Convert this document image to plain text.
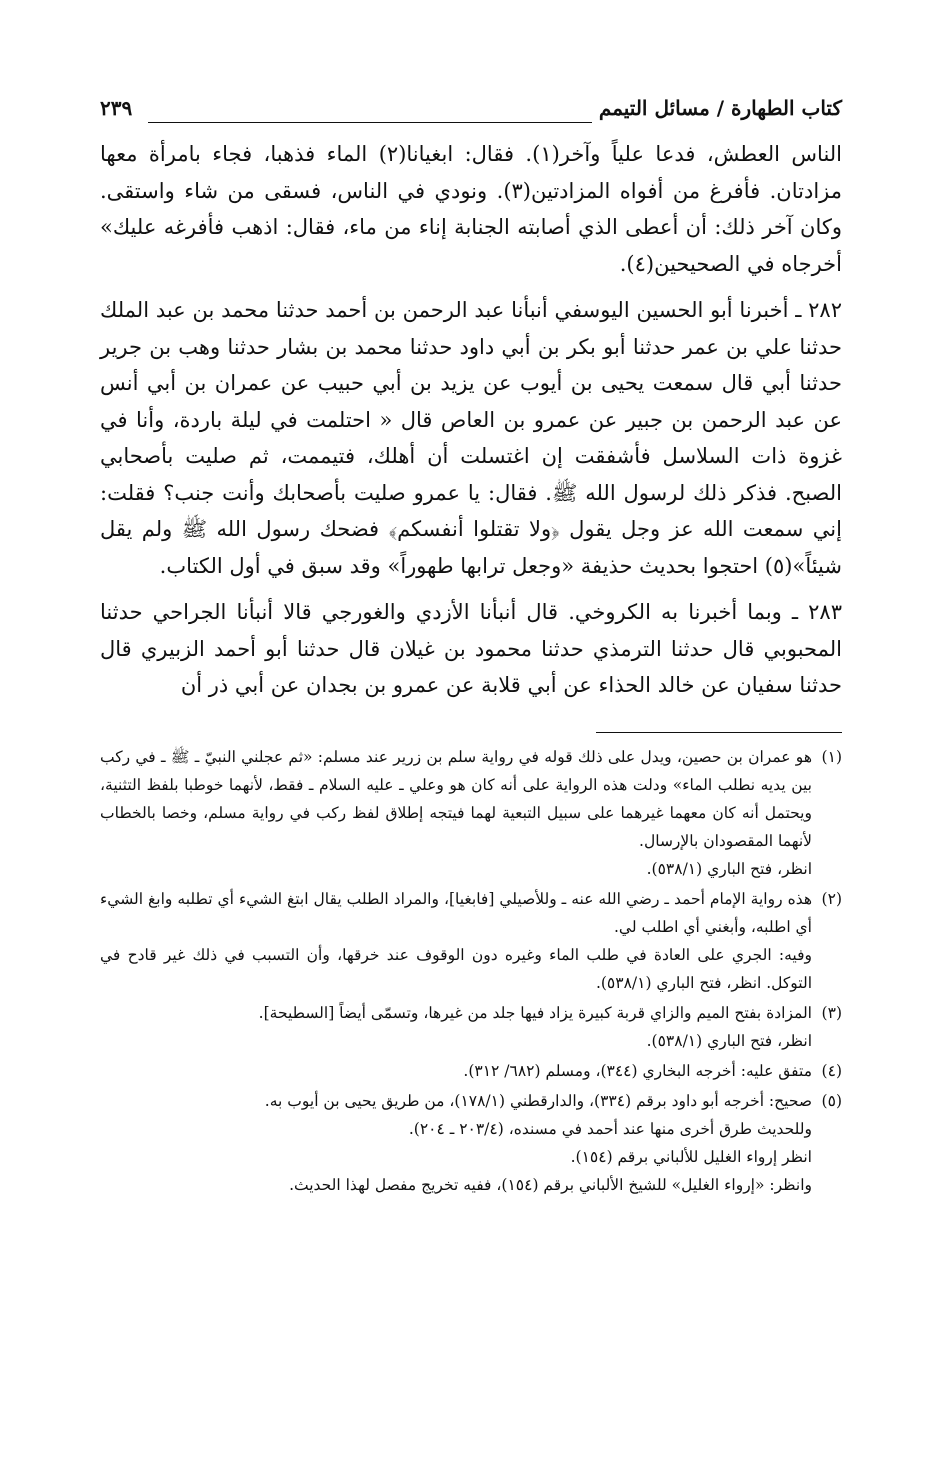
كتاب الطهارة / مسائل التيمم
٢٣٩

الناس العطش، فدعا علياً وآخر(١). فقال: ابغيانا(٢) الماء فذهبا، فجاء بامرأة معها مزادتان. فأفرغ من أفواه المزادتين(٣). ونودي في الناس، فسقى من شاء واستقى. وكان آخر ذلك: أن أعطى الذي أصابته الجنابة إناء من ماء، فقال: اذهب فأفرغه عليك» أخرجاه في الصحيحين(٤).

٢٨٢ ـ أخبرنا أبو الحسين اليوسفي أنبأنا عبد الرحمن بن أحمد حدثنا محمد بن عبد الملك حدثنا علي بن عمر حدثنا أبو بكر بن أبي داود حدثنا محمد بن بشار حدثنا وهب بن جرير حدثنا أبي قال سمعت يحيى بن أيوب عن يزيد بن أبي حبيب عن عمران بن أبي أنس عن عبد الرحمن بن جبير عن عمرو بن العاص قال « احتلمت في ليلة باردة، وأنا في غزوة ذات السلاسل فأشفقت إن اغتسلت أن أهلك، فتيممت، ثم صليت بأصحابي الصبح. فذكر ذلك لرسول الله ﷺ. فقال: يا عمرو صليت بأصحابك وأنت جنب؟ فقلت: إني سمعت الله عز وجل يقول ﴿ولا تقتلوا أنفسكم﴾ فضحك رسول الله ﷺ ولم يقل شيئاً»(٥) احتجوا بحديث حذيفة «وجعل ترابها طهوراً» وقد سبق في أول الكتاب.

٢٨٣ ـ وبما أخبرنا به الكروخي. قال أنبأنا الأزدي والغورجي قالا أنبأنا الجراحي حدثنا المحبوبي قال حدثنا الترمذي حدثنا محمود بن غيلان قال حدثنا أبو أحمد الزبيري قال حدثنا سفيان عن خالد الحذاء عن أبي قلابة عن عمرو بن بجدان عن أبي ذر أن

(١)
هو عمران بن حصين، ويدل على ذلك قوله في رواية سلم بن زرير عند مسلم: «ثم عجلني النبيّ ـ ﷺ ـ في ركب بين يديه نطلب الماء» ودلت هذه الرواية على أنه كان هو وعلي ـ عليه السلام ـ فقط، لأنهما خوطبا بلفظ التثنية، ويحتمل أنه كان معهما غيرهما على سبيل التبعية لهما فيتجه إطلاق لفظ ركب في رواية مسلم، وخصا بالخطاب لأنهما المقصودان بالإرسال.
انظر، فتح الباري (٥٣٨/١).
(٢)
هذه رواية الإمام أحمد ـ رضي الله عنه ـ وللأصيلي [فابغيا]، والمراد الطلب يقال ابتغ الشيء أي تطلبه وابغ الشيء أي اطلبه، وأبغني أي اطلب لي.
وفيه: الجري على العادة في طلب الماء وغيره دون الوقوف عند خرقها، وأن التسبب في ذلك غير قادح في التوكل. انظر، فتح الباري (٥٣٨/١).
(٣)
المزادة بفتح الميم والزاي قربة كبيرة يزاد فيها جلد من غيرها، وتسمّى أيضاً [السطيحة].
انظر، فتح الباري (٥٣٨/١).
(٤)
متفق عليه: أخرجه البخاري (٣٤٤)، ومسلم (٦٨٢/ ٣١٢).
(٥)
صحيح: أخرجه أبو داود برقم (٣٣٤)، والدارقطني (١٧٨/١)، من طريق يحيى بن أيوب به.
وللحديث طرق أخرى منها عند أحمد في مسنده، (٢٠٣/٤ ـ ٢٠٤).
انظر إرواء الغليل للألباني برقم (١٥٤).
وانظر: «إرواء الغليل» للشيخ الألباني برقم (١٥٤)، ففيه تخريج مفصل لهذا الحديث.
